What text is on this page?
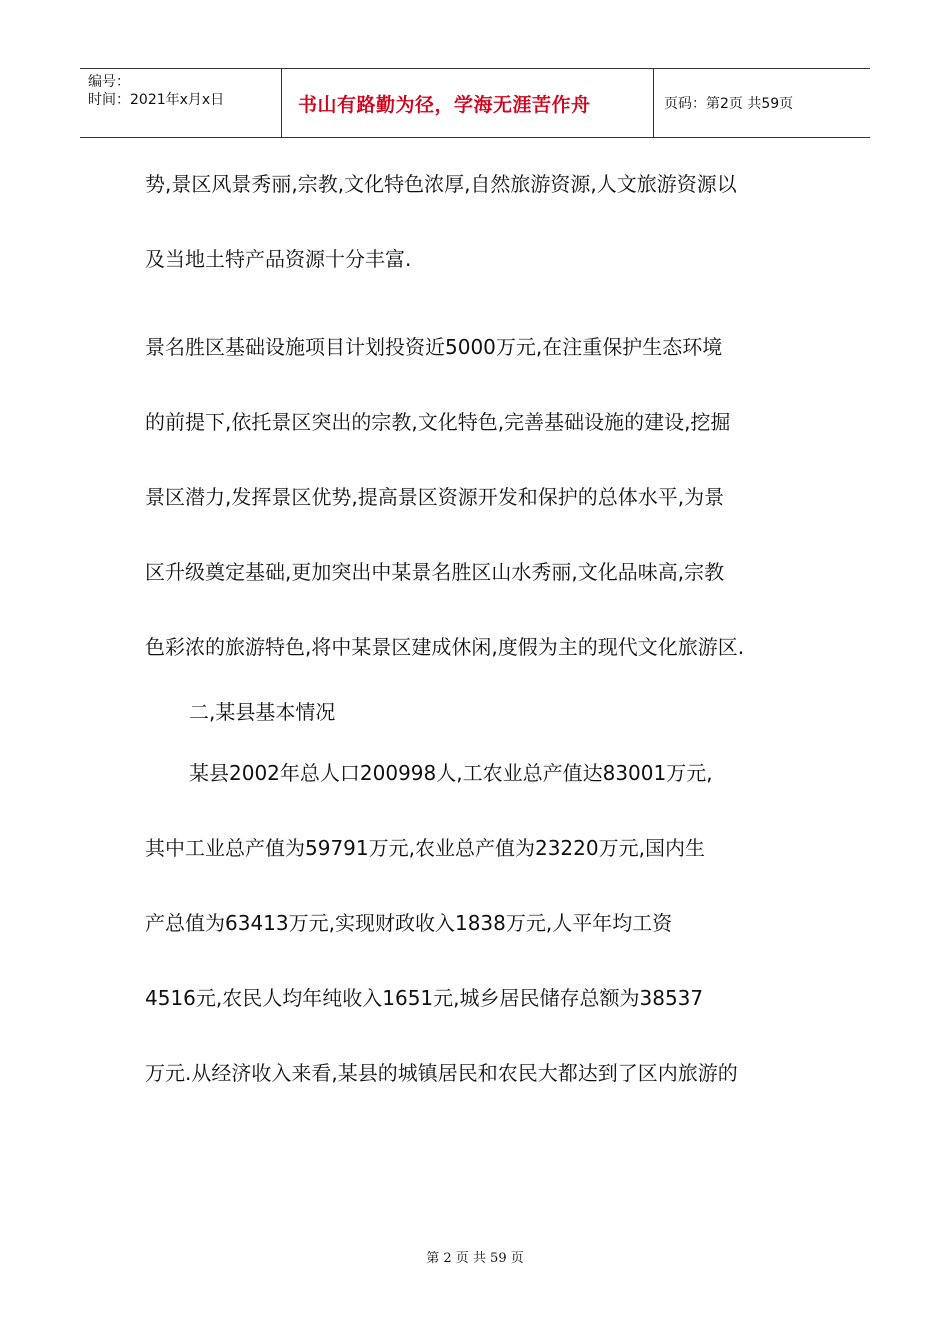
编号：
时间：2021年x月x日	书山有路勤为径，学海无涯苦作舟	页码：第2页 共59页
势,景区风景秀丽,宗教,文化特色浓厚,自然旅游资源,人文旅游资源以
及当地土特产品资源十分丰富.
景名胜区基础设施项目计划投资近5000万元,在注重保护生态环境
的前提下,依托景区突出的宗教,文化特色,完善基础设施的建设,挖掘
景区潜力,发挥景区优势,提高景区资源开发和保护的总体水平,为景
区升级奠定基础,更加突出中某景名胜区山水秀丽,文化品味高,宗教
色彩浓的旅游特色,将中某景区建成休闲,度假为主的现代文化旅游区.
二,某县基本情况
某县2002年总人口200998人,工农业总产值达83001万元,
其中工业总产值为59791万元,农业总产值为23220万元,国内生
产总值为63413万元,实现财政收入1838万元,人平年均工资
4516元,农民人均年纯收入1651元,城乡居民储存总额为38537
万元.从经济收入来看,某县的城镇居民和农民大都达到了区内旅游的
第 2 页 共 59 页
